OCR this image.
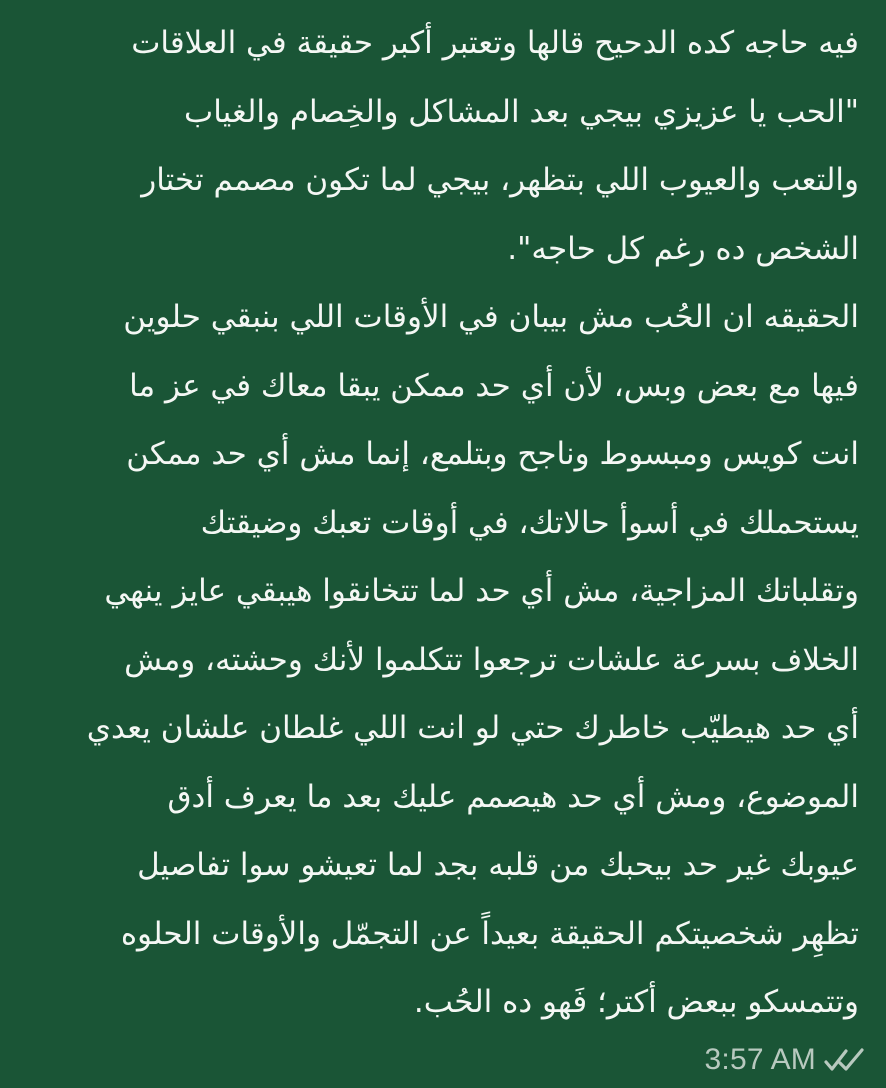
فيه حاجه كده الدحيح قالها وتعتبر أكبر حقيقة في العلاقات
"الحب يا عزيزي بيجي بعد المشاكل والخِصام والغياب
والتعب والعيوب اللي بتظهر، بيجي لما تكون مصمم تختار
الشخص ده رغم كل حاجه".
الحقيقه ان الحُب مش بيبان في الأوقات اللي بنبقي حلوين
فيها مع بعض وبس، لأن أي حد ممكن يبقا معاك في عز ما
انت كويس ومبسوط وناجح وبتلمع، إنما مش أي حد ممكن
يستحملك في أسوأ حالاتك، في أوقات تعبك وضيقتك
وتقلباتك المزاجية، مش أي حد لما تتخانقوا هيبقي عايز ينهي
الخلاف بسرعة علشات ترجعوا تتكلموا لأنك وحشته، ومش
أي حد هيطيّب خاطرك حتي لو انت اللي غلطان علشان يعدي
الموضوع، ومش أي حد هيصمم عليك بعد ما يعرف أدق
عيوبك غير حد بيحبك من قلبه بجد لما تعيشو سوا تفاصيل
تظهِر شخصيتكم الحقيقة بعيداً عن التجمّل والأوقات الحلوه
وتتمسكو ببعض أكتر؛ فَهو ده الحُب.
3:57 AM
